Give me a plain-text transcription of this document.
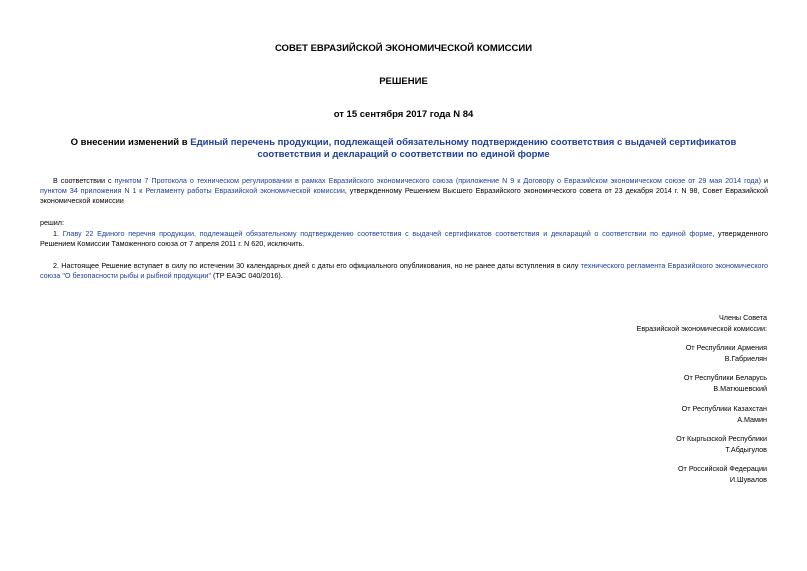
СОВЕТ ЕВРАЗИЙСКОЙ ЭКОНОМИЧЕСКОЙ КОМИССИИ
РЕШЕНИЕ
от 15 сентября 2017 года N 84
О внесении изменений в Единый перечень продукции, подлежащей обязательному подтверждению соответствия с выдачей сертификатов соответствия и деклараций о соответствии по единой форме
В соответствии с пунктом 7 Протокола о техническом регулировании в рамках Евразийского экономического союза (приложение N 9 к Договору о Евразийском экономическом союзе от 29 мая 2014 года) и пунктом 34 приложения N 1 к Регламенту работы Евразийской экономической комиссии, утвержденному Решением Высшего Евразийского экономического совета от 23 декабря 2014 г. N 98, Совет Евразийской экономической комиссии
решил:
1. Главу 22 Единого перечня продукции, подлежащей обязательному подтверждению соответствия с выдачей сертификатов соответствия и деклараций о соответствии по единой форме, утвержденного Решением Комиссии Таможенного союза от 7 апреля 2011 г. N 620, исключить.
2. Настоящее Решение вступает в силу по истечении 30 календарных дней с даты его официального опубликования, но не ранее даты вступления в силу технического регламента Евразийского экономического союза "О безопасности рыбы и рыбной продукции" (ТР ЕАЭС 040/2016).
Члены Совета
Евразийской экономической комиссии:
От Республики Армения
В.Габриелян
От Республики Беларусь
В.Матюшевский
От Республики Казахстан
А.Мамин
От Кыргызской Республики
Т.Абдыгулов
От Российской Федерации
И.Шувалов
